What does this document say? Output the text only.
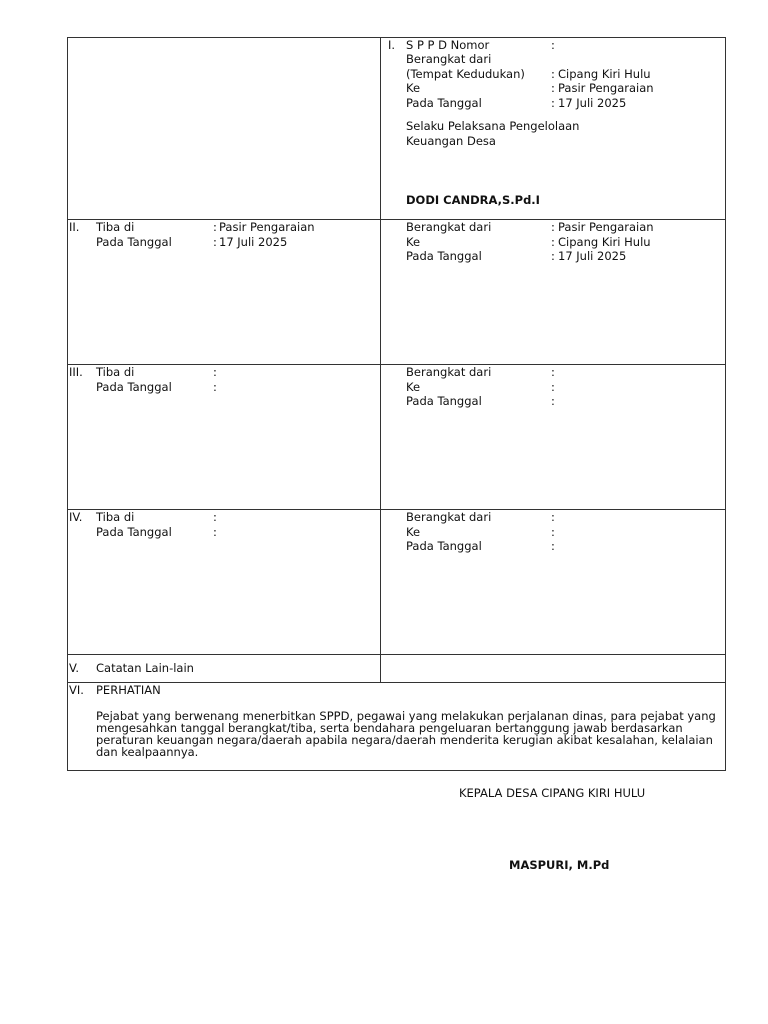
I. S P P D Nomor	:
Berangkat dari
(Tempat Kedudukan) : Cipang Kiri Hulu
Ke	: Pasir Pengaraian
Pada Tanggal	: 17 Juli 2025
Selaku Pelaksana Pengelolaan
Keuangan Desa
DODI CANDRA,S.Pd.I
II. Tiba di	: Pasir Pengaraian
Pada Tanggal	: 17 Juli 2025
Berangkat dari	: Pasir Pengaraian
Ke	: Cipang Kiri Hulu
Pada Tanggal	: 17 Juli 2025
III. Tiba di	:
Pada Tanggal	:
Berangkat dari	:
Ke	:
Pada Tanggal	:
IV. Tiba di	:
Pada Tanggal	:
Berangkat dari	:
Ke	:
Pada Tanggal	:
V. Catatan Lain-lain
VI. PERHATIAN
Pejabat yang berwenang menerbitkan SPPD, pegawai yang melakukan perjalanan dinas, para pejabat yang mengesahkan tanggal berangkat/tiba, serta bendahara pengeluaran bertanggung jawab berdasarkan peraturan keuangan negara/daerah apabila negara/daerah menderita kerugian akibat kesalahan, kelalaian dan kealpaannya.
KEPALA DESA CIPANG KIRI HULU
MASPURI, M.Pd
